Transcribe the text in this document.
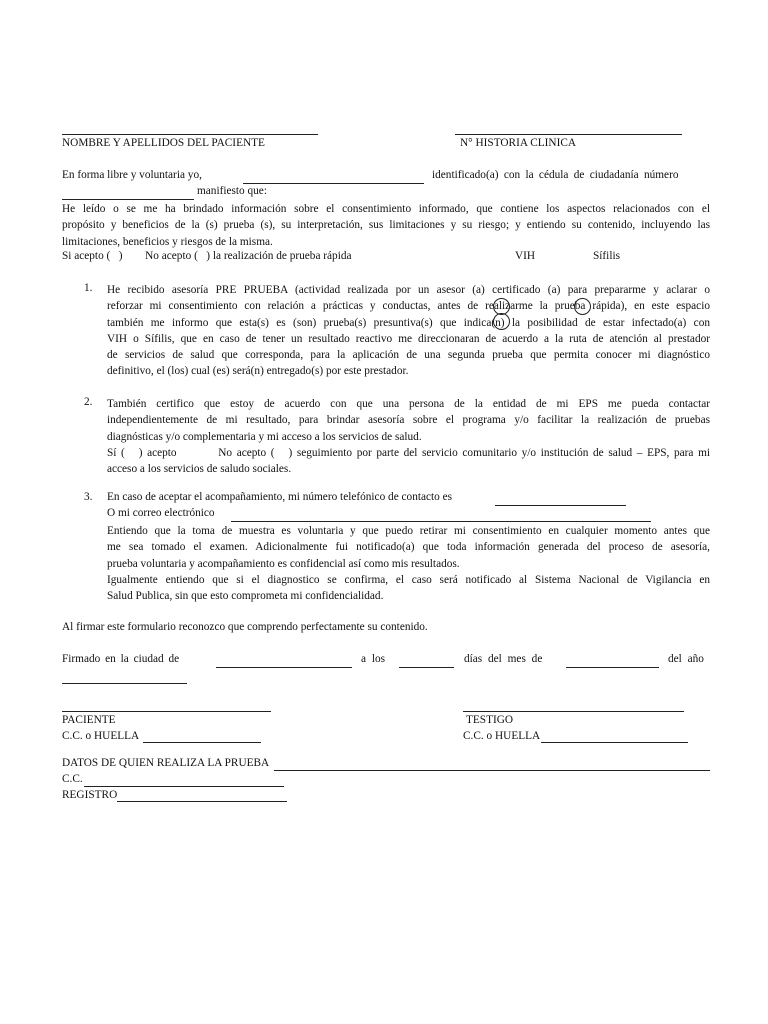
NOMBRE Y APELLIDOS DEL PACIENTE	N° HISTORIA CLINICA
En forma libre y voluntaria yo,	identificado(a) con la cédula de ciudadanía número
manifiesto que:
He leído o se me ha brindado información sobre el consentimiento informado, que contiene los aspectos relacionados con el
propósito y beneficios de la (s) prueba (s), su interpretación, sus limitaciones y su riesgo; y entiendo su contenido, incluyendo las
limitaciones, beneficios y riesgos de la misma.
Si acepto (   )        No acepto (   ) la realización de prueba rápida	VIH	Sífilis
1. He recibido asesoría PRE PRUEBA (actividad realizada por un asesor (a) certificado (a) para prepararme y aclarar o
reforzar mi consentimiento con relación a prácticas y conductas, antes de realizarme la prueba rápida), en este espacio
también me informo que esta(s) es (son) prueba(s) presuntiva(s) que indica(n) la posibilidad de estar infectado(a) con
VIH o Sífilis, que en caso de tener un resultado reactivo me direccionaran de acuerdo a la ruta de atención al prestador
de servicios de salud que corresponda, para la aplicación de una segunda prueba que permita conocer mi diagnóstico
definitivo, el (los) cual (es) será(n) entregado(s) por este prestador.
2. También certifico que estoy de acuerdo con que una persona de la entidad de mi EPS me pueda contactar
independientemente de mi resultado, para brindar asesoría sobre el programa y/o facilitar la realización de pruebas
diagnósticas y/o complementaria y mi acceso a los servicios de salud.
Sí (   ) acepto         No acepto (   ) seguimiento por parte del servicio comunitario y/o institución de salud – EPS, para mi
acceso a los servicios de saludo sociales.
3. En caso de aceptar el acompañamiento, mi número telefónico de contacto es
O mi correo electrónico
Entiendo que la toma de muestra es voluntaria y que puedo retirar mi consentimiento en cualquier momento antes que
me sea tomado el examen. Adicionalmente fui notificado(a) que toda información generada del proceso de asesoría,
prueba voluntaria y acompañamiento es confidencial así como mis resultados.
Igualmente entiendo que si el diagnostico se confirma, el caso será notificado al Sistema Nacional de Vigilancia en
Salud Publica, sin que esto comprometa mi confidencialidad.
Al firmar este formulario reconozco que comprendo perfectamente su contenido.
Firmado en la ciudad de	a los	días del mes de	del año
PACIENTE	TESTIGO
C.C. o HUELLA	C.C. o HUELLA
DATOS DE QUIEN REALIZA LA PRUEBA
C.C.
REGISTRO
